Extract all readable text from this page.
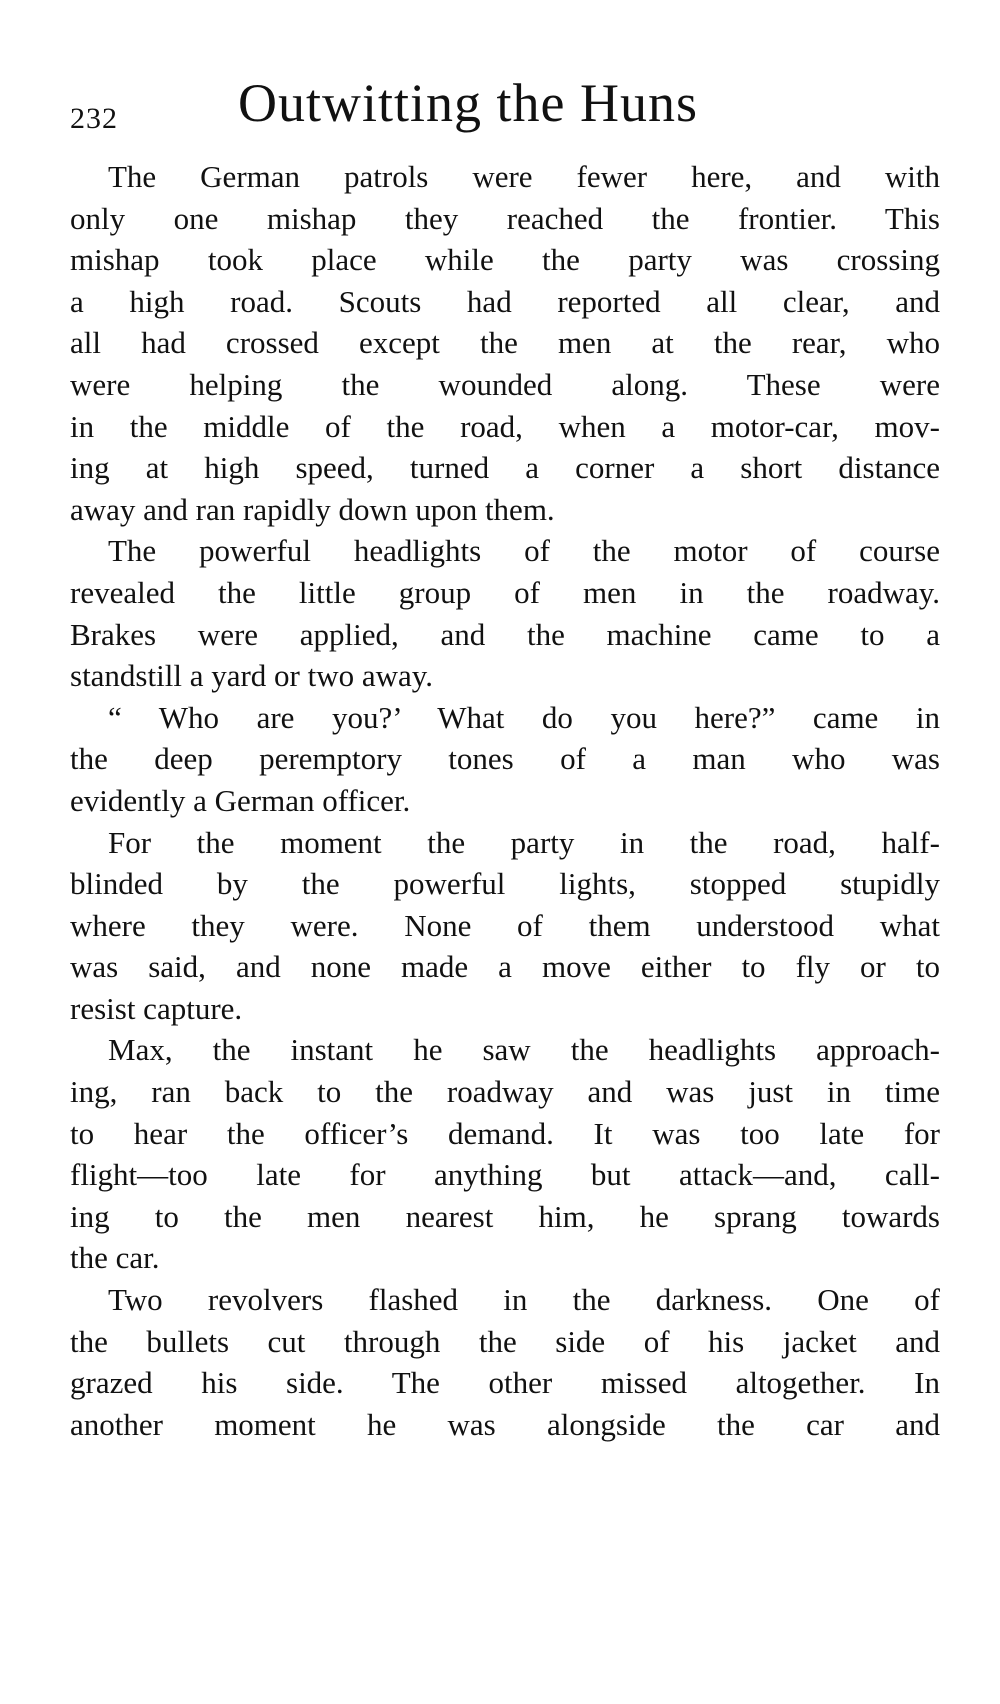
232 Outwitting the Huns
The German patrols were fewer here, and with
only one mishap they reached the frontier. This
mishap took place while the party was crossing
a high road. Scouts had reported all clear, and
all had crossed except the men at the rear, who
were helping the wounded along. These were
in the middle of the road, when a motor-car, mov-
ing at high speed, turned a corner a short distance
away and ran rapidly down upon them.
The powerful headlights of the motor of course
revealed the little group of men in the roadway.
Brakes were applied, and the machine came to a
standstill a yard or two away.
“ Who are you?’ What do you here?” came in
the deep peremptory tones of a man who was
evidently a German officer.
For the moment the party in the road, half-
blinded by the powerful lights, stopped stupidly
where they were. None of them understood what
was said, and none made a move either to fly or to
resist capture.
Max, the instant he saw the headlights approach-
ing, ran back to the roadway and was just in time
to hear the officer’s demand. It was too late for
flight—too late for anything but attack—and, call-
ing to the men nearest him, he sprang towards
the car.
Two revolvers flashed in the darkness. One of
the bullets cut through the side of his jacket and
grazed his side. The other missed altogether. In
another moment he was alongside the car and
